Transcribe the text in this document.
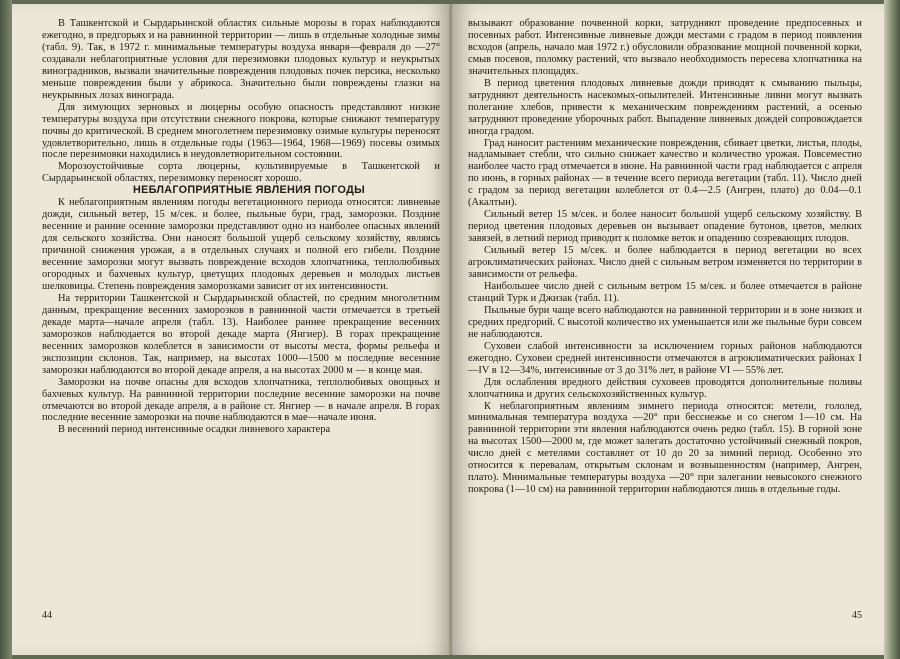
В Ташкентской и Сырдарьинской областях сильные морозы в горах наблюдаются ежегодно, в предгорьях и на равнинной территории — лишь в отдельные холодные зимы (табл. 9). Так, в 1972 г. минимальные температуры воздуха января—февраля до —27° создавали неблагоприятные условия для перезимовки плодовых культур и неукрытых виноградников, вызвали значительные повреждения плодовых почек персика, несколько меньше повреждения были у абрикоса. Значительно были повреждены глазки на неукрывных лозах винограда.

Для зимующих зерновых и люцерны особую опасность представляют низкие температуры воздуха при отсутствии снежного покрова, которые снижают температуру почвы до критической. В среднем многолетнем перезимовку озимые культуры переносят удовлетворительно, лишь в отдельные годы (1963—1964, 1968—1969) посевы озимых после перезимовки находились в неудовлетворительном состоянии.

Морозоустойчивые сорта люцерны, культивируемые в Ташкентской и Сырдарьинской областях, перезимовку переносят хорошо.

НЕБЛАГОПРИЯТНЫЕ ЯВЛЕНИЯ ПОГОДЫ

К неблагоприятным явлениям погоды вегетационного периода относятся: ливневые дожди, сильный ветер, 15 м/сек. и более, пыльные бури, град, заморозки. Поздние весенние и ранние осенние заморозки представляют одно из наиболее опасных явлений для сельского хозяйства. Они наносят большой ущерб сельскому хозяйству, являясь причиной снижения урожая, а в отдельных случаях и полной его гибели. Поздние весенние заморозки могут вызвать повреждение всходов хлопчатника, теплолюбивых огородных и бахчевых культур, цветущих плодовых деревьев и молодых листьев шелковицы. Степень повреждения заморозками зависит от их интенсивности.

На территории Ташкентской и Сырдарьинской областей, по средним многолетним данным, прекращение весенних заморозков в равнинной части отмечается в третьей декаде марта—начале апреля (табл. 13). Наиболее раннее прекращение весенних заморозков наблюдается во второй декаде марта (Янгиер). В горах прекращение весенних заморозков колеблется в зависимости от высоты места, формы рельефа и экспозиции склонов. Так, например, на высотах 1000—1500 м последние весенние заморозки наблюдаются во второй декаде апреля, а на высотах 2000 м — в конце мая.

Заморозки на почве опасны для всходов хлопчатника, теплолюбивых овощных и бахчевых культур. На равнинной территории последние весенние заморозки на почве отмечаются во второй декаде апреля, а в районе ст. Янгиер — в начале апреля. В горах последние весенние заморозки на почве наблюдаются в мае—начале июня.

В весенний период интенсивные осадки ливневого характера

44

вызывают образование почвенной корки, затрудняют проведение предпосевных и посевных работ. Интенсивные ливневые дожди местами с градом в период появления всходов (апрель, начало мая 1972 г.) обусловили образование мощной почвенной корки, смыв посевов, поломку растений, что вызвало необходимость пересева хлопчатника на значительных площадях.

В период цветения плодовых ливневые дожди приводят к смыванию пыльцы, затрудняют деятельность насекомых-опылителей. Интенсивные ливни могут вызвать полегание хлебов, привести к механическим повреждениям растений, а осенью затрудняют проведение уборочных работ. Выпадение ливневых дождей сопровождается иногда градом.

Град наносит растениям механические повреждения, сбивает цветки, листья, плоды, надламывает стебли, что сильно снижает качество и количество урожая. Повсеместно наиболее часто град отмечается в июне. На равнинной части град наблюдается с апреля по июнь, в горных районах — в течение всего периода вегетации (табл. 11). Число дней с градом за период вегетации колеблется от 0.4—2.5 (Ангрен, плато) до 0.04—0.1 (Акалтын).

Сильный ветер 15 м/сек. и более наносит большой ущерб сельскому хозяйству. В период цветения плодовых деревьев он вызывает опадение бутонов, цветов, мелких завязей, в летний период приводит к поломке веток и опадению созревающих плодов.

Сильный ветер 15 м/сек. и более наблюдается в период вегетации во всех агроклиматических районах. Число дней с сильным ветром изменяется по территории в зависимости от рельефа.

Наибольшее число дней с сильным ветром 15 м/сек. и более отмечается в районе станций Турк и Джизак (табл. 11).

Пыльные бури чаще всего наблюдаются на равнинной территории и в зоне низких и средних предгорий. С высотой количество их уменьшается или же пыльные бури совсем не наблюдаются.

Суховеи слабой интенсивности за исключением горных районов наблюдаются ежегодно. Суховеи средней интенсивности отмечаются в агроклиматических районах I—IV в 12—34%, интенсивные от 3 до 31% лет, в районе VI — 55% лет.

Для ослабления вредного действия суховеев проводятся дополнительные поливы хлопчатника и других сельскохозяйственных культур.

К неблагоприятным явлениям зимнего периода относятся: метели, гололед, минимальная температура воздуха —20° при бесснежье и со снегом 1—10 см. На равнинной территории эти явления наблюдаются очень редко (табл. 15). В горной зоне на высотах 1500—2000 м, где может залегать достаточно устойчивый снежный покров, число дней с метелями составляет от 10 до 20 за зимний период. Особенно это относится к перевалам, открытым склонам и возвышенностям (например, Ангрен, плато). Минимальные температуры воздуха —20° при залегании невысокого снежного покрова (1—10 см) на равнинной территории наблюдаются лишь в отдельные годы.

45
